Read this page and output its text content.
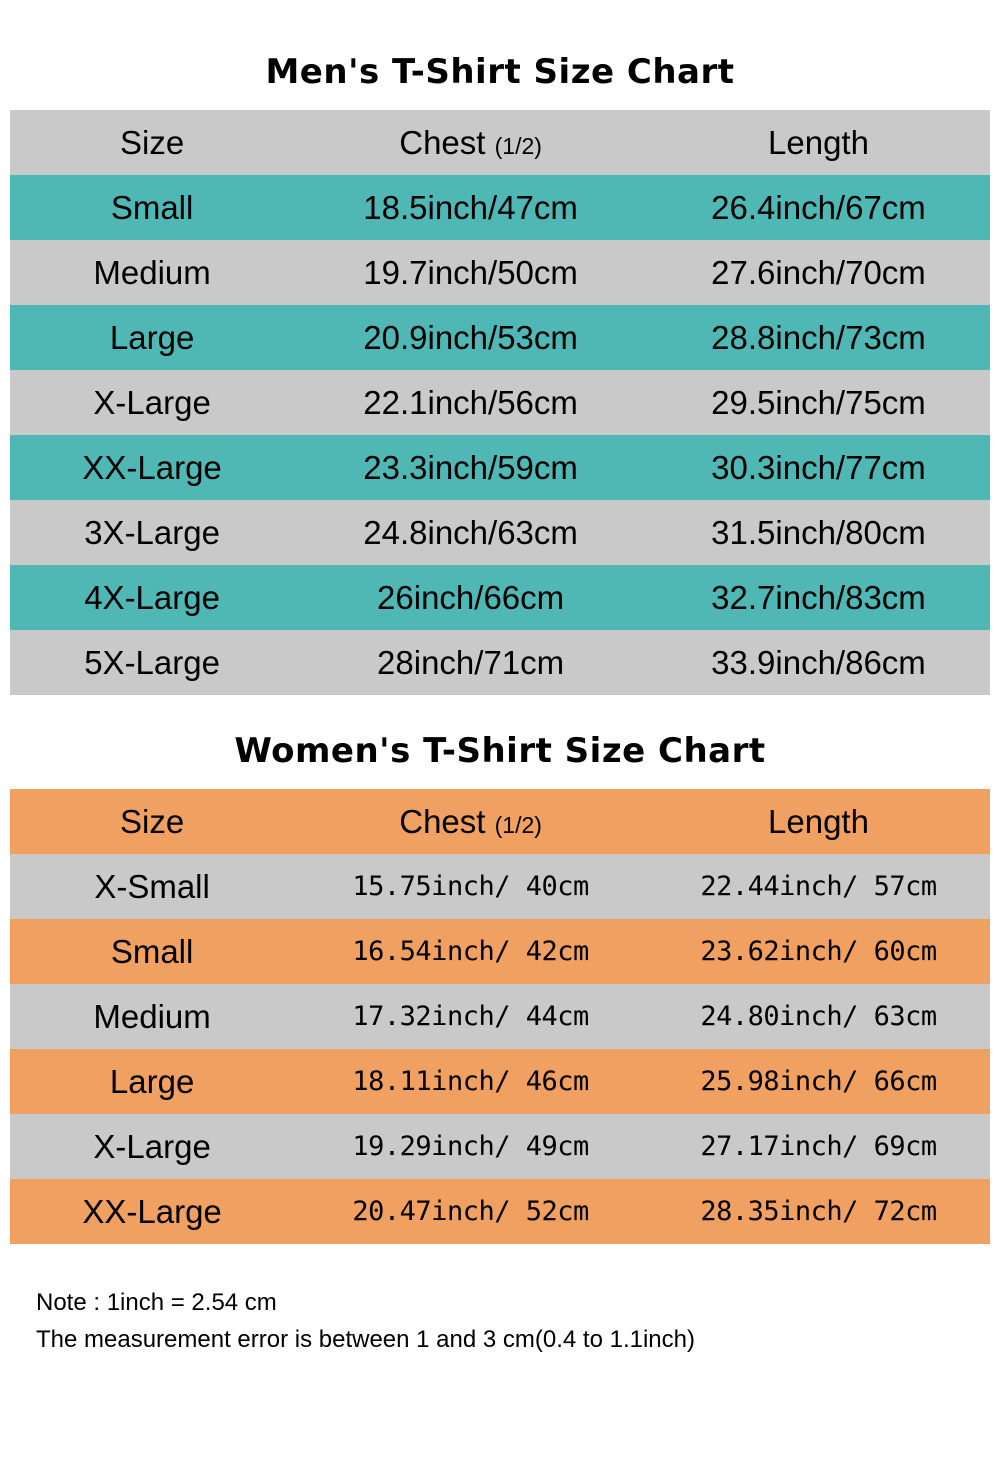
Men's T-Shirt Size Chart
Size	Chest (1/2)	Length
Small	18.5inch/47cm	26.4inch/67cm
Medium	19.7inch/50cm	27.6inch/70cm
Large	20.9inch/53cm	28.8inch/73cm
X-Large	22.1inch/56cm	29.5inch/75cm
XX-Large	23.3inch/59cm	30.3inch/77cm
3X-Large	24.8inch/63cm	31.5inch/80cm
4X-Large	26inch/66cm	32.7inch/83cm
5X-Large	28inch/71cm	33.9inch/86cm
Women's T-Shirt Size Chart
Size	Chest (1/2)	Length
X-Small	15.75inch/ 40cm	22.44inch/ 57cm
Small	16.54inch/ 42cm	23.62inch/ 60cm
Medium	17.32inch/ 44cm	24.80inch/ 63cm
Large	18.11inch/ 46cm	25.98inch/ 66cm
X-Large	19.29inch/ 49cm	27.17inch/ 69cm
XX-Large	20.47inch/ 52cm	28.35inch/ 72cm
Note : 1inch = 2.54 cm
The measurement error is between 1 and 3 cm(0.4 to 1.1inch)
